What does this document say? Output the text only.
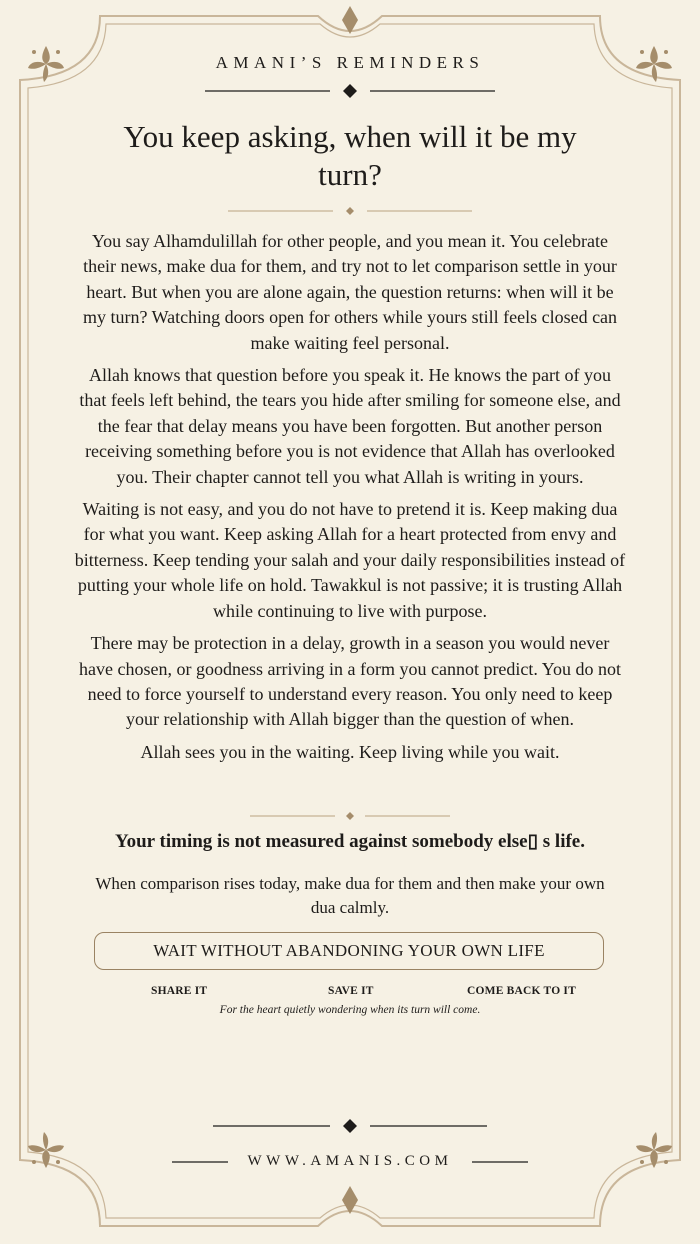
AMANI’S REMINDERS
You keep asking, when will it be my turn?

You say Alhamdulillah for other people, and you mean it. You celebrate their news, make dua for them, and try not to let comparison settle in your heart. But when you are alone again, the question returns: when will it be my turn? Watching doors open for others while yours still feels closed can make waiting feel personal.

Allah knows that question before you speak it. He knows the part of you that feels left behind, the tears you hide after smiling for someone else, and the fear that delay means you have been forgotten. But another person receiving something before you is not evidence that Allah has overlooked you. Their chapter cannot tell you what Allah is writing in yours.

Waiting is not easy, and you do not have to pretend it is. Keep making dua for what you want. Keep asking Allah for a heart protected from envy and bitterness. Keep tending your salah and your daily responsibilities instead of putting your whole life on hold. Tawakkul is not passive; it is trusting Allah while continuing to live with purpose.

There may be protection in a delay, growth in a season you would never have chosen, or goodness arriving in a form you cannot predict. You do not need to force yourself to understand every reason. You only need to keep your relationship with Allah bigger than the question of when.

Allah sees you in the waiting. Keep living while you wait.

Your timing is not measured against somebody else▯ s life.
When comparison rises today, make dua for them and then make your own dua calmly.
WAIT WITHOUT ABANDONING YOUR OWN LIFE
SHARE IT	SAVE IT	COME BACK TO IT
For the heart quietly wondering when its turn will come.
WWW.AMANIS.COM
